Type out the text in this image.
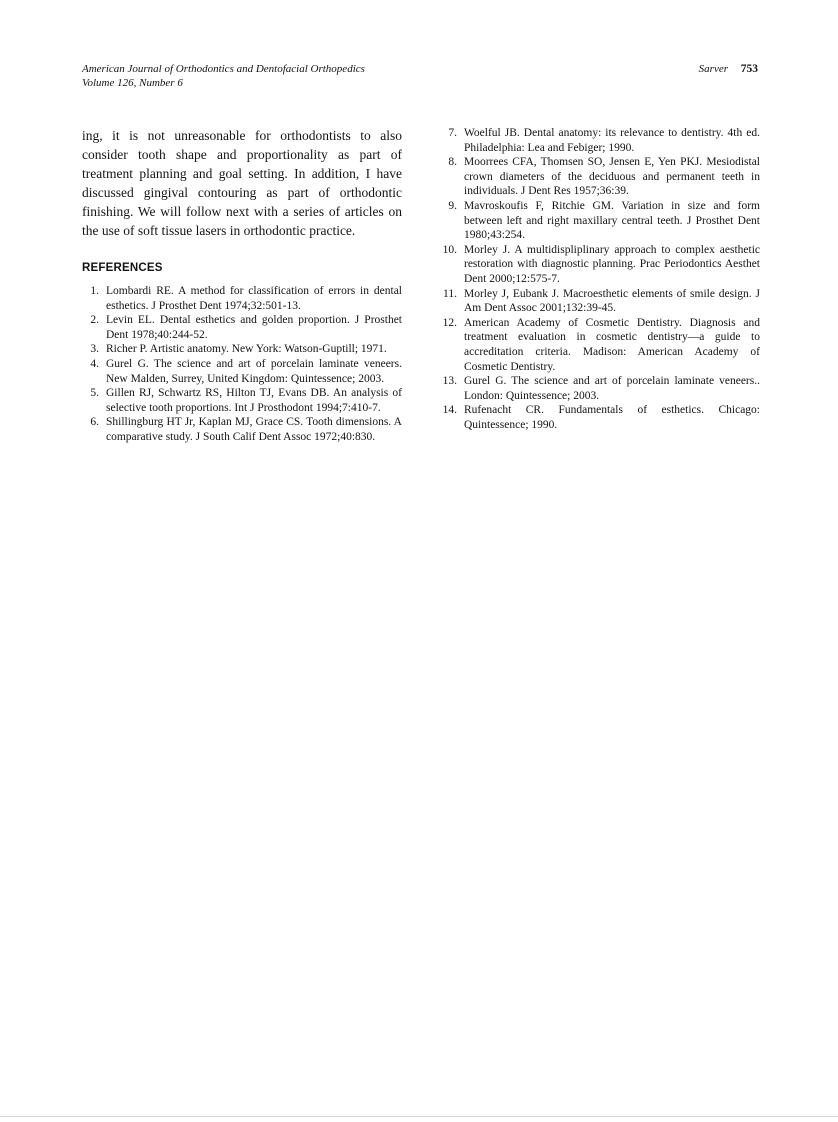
American Journal of Orthodontics and Dentofacial Orthopedics
Volume 126, Number 6
Sarver 753

ing, it is not unreasonable for orthodontists to also consider tooth shape and proportionality as part of treatment planning and goal setting. In addition, I have discussed gingival contouring as part of orthodontic finishing. We will follow next with a series of articles on the use of soft tissue lasers in orthodontic practice.

REFERENCES
1. Lombardi RE. A method for classification of errors in dental esthetics. J Prosthet Dent 1974;32:501-13.
2. Levin EL. Dental esthetics and golden proportion. J Prosthet Dent 1978;40:244-52.
3. Richer P. Artistic anatomy. New York: Watson-Guptill; 1971.
4. Gurel G. The science and art of porcelain laminate veneers. New Malden, Surrey, United Kingdom: Quintessence; 2003.
5. Gillen RJ, Schwartz RS, Hilton TJ, Evans DB. An analysis of selective tooth proportions. Int J Prosthodont 1994;7:410-7.
6. Shillingburg HT Jr, Kaplan MJ, Grace CS. Tooth dimensions. A comparative study. J South Calif Dent Assoc 1972;40:830.
7. Woelful JB. Dental anatomy: its relevance to dentistry. 4th ed. Philadelphia: Lea and Febiger; 1990.
8. Moorrees CFA, Thomsen SO, Jensen E, Yen PKJ. Mesiodistal crown diameters of the deciduous and permanent teeth in individuals. J Dent Res 1957;36:39.
9. Mavroskoufis F, Ritchie GM. Variation in size and form between left and right maxillary central teeth. J Prosthet Dent 1980;43:254.
10. Morley J. A multidispliplinary approach to complex aesthetic restoration with diagnostic planning. Prac Periodontics Aesthet Dent 2000;12:575-7.
11. Morley J, Eubank J. Macroesthetic elements of smile design. J Am Dent Assoc 2001;132:39-45.
12. American Academy of Cosmetic Dentistry. Diagnosis and treatment evaluation in cosmetic dentistry—a guide to accreditation criteria. Madison: American Academy of Cosmetic Dentistry.
13. Gurel G. The science and art of porcelain laminate veneers.. London: Quintessence; 2003.
14. Rufenacht CR. Fundamentals of esthetics. Chicago: Quintessence; 1990.
